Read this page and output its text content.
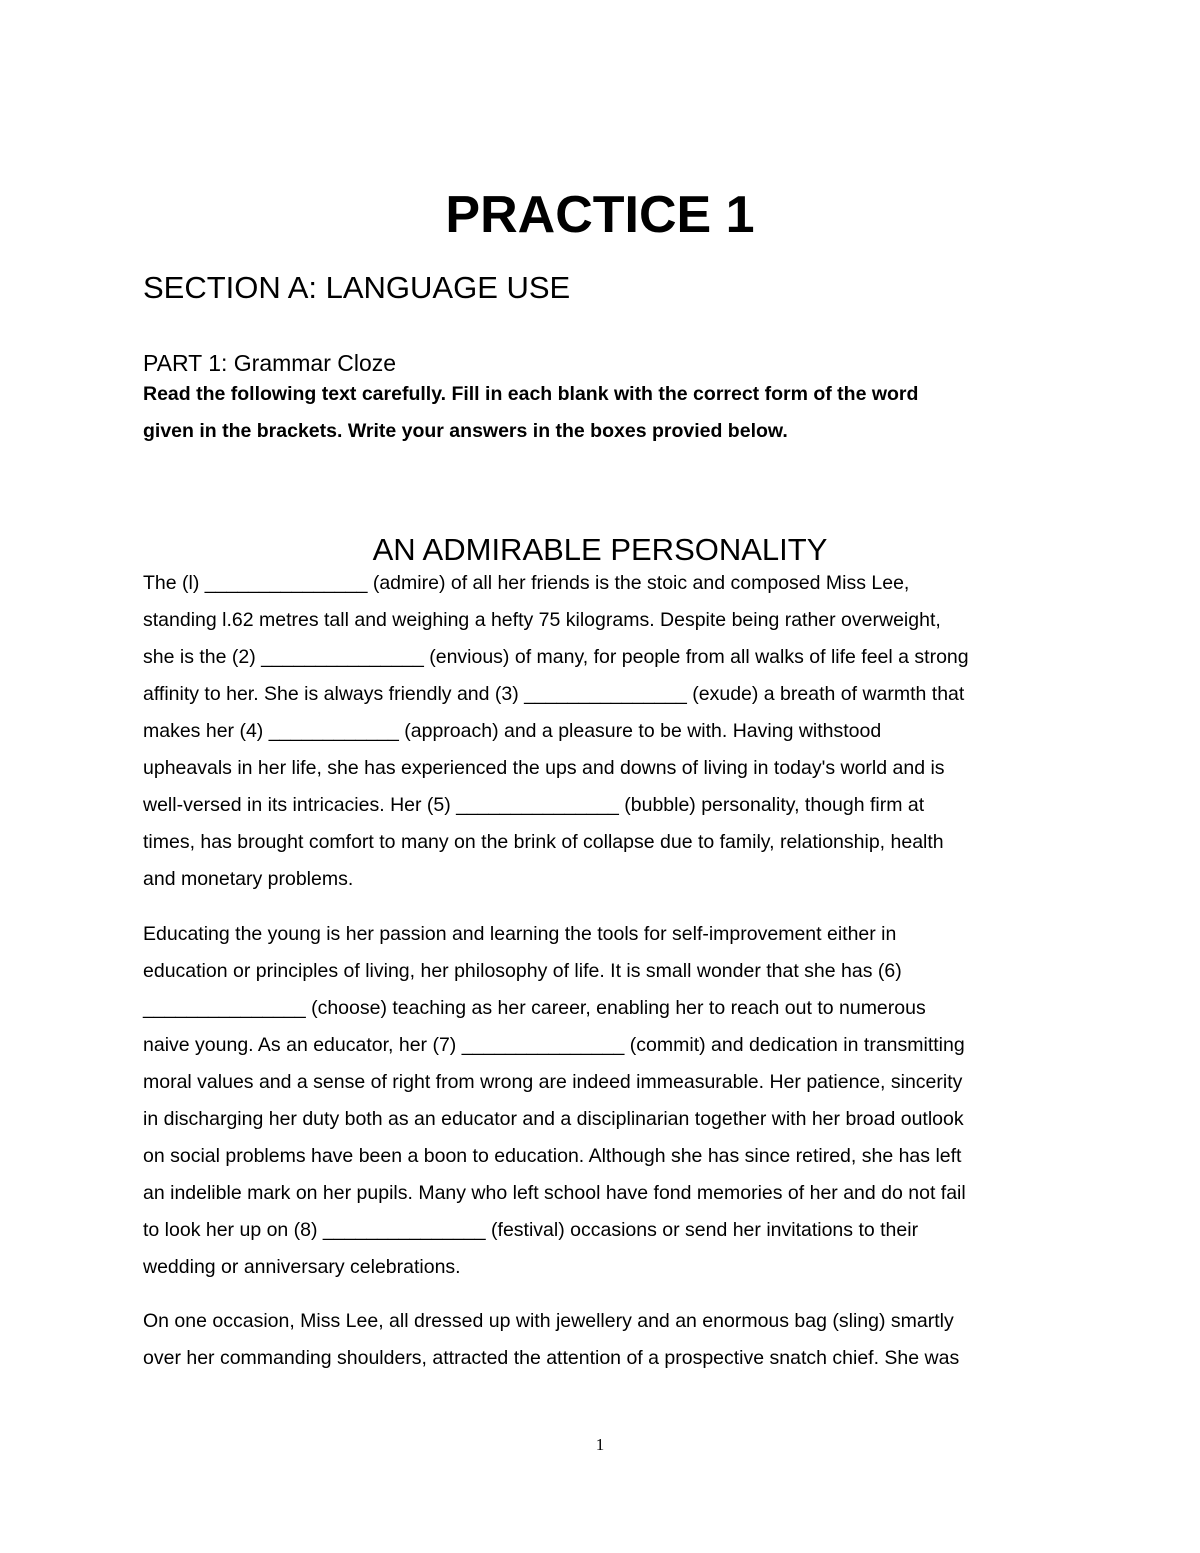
PRACTICE 1
SECTION A: LANGUAGE USE
PART 1: Grammar Cloze

Read the following text carefully. Fill in each blank with the correct form of the word
given in the brackets. Write your answers in the boxes provied below.

AN ADMIRABLE PERSONALITY
The (l) _______________ (admire) of all her friends is the stoic and composed Miss Lee,
standing l.62 metres tall and weighing a hefty 75 kilograms. Despite being rather overweight,
she is the (2) _______________ (envious) of many, for people from all walks of life feel a strong
affinity to her. She is always friendly and (3) _______________ (exude) a breath of warmth that
makes her (4) ____________ (approach) and a pleasure to be with. Having withstood
upheavals in her life, she has experienced the ups and downs of living in today's world and is
well-versed in its intricacies. Her (5) _______________ (bubble) personality, though firm at
times, has brought comfort to many on the brink of collapse due to family, relationship, health
and monetary problems.
Educating the young is her passion and learning the tools for self-improvement either in
education or principles of living, her philosophy of life. It is small wonder that she has (6)
_______________ (choose) teaching as her career, enabling her to reach out to numerous
naive young. As an educator, her (7) _______________ (commit) and dedication in transmitting
moral values and a sense of right from wrong are indeed immeasurable. Her patience, sincerity
in discharging her duty both as an educator and a disciplinarian together with her broad outlook
on social problems have been a boon to education. Although she has since retired, she has left
an indelible mark on her pupils. Many who left school have fond memories of her and do not fail
to look her up on (8) _______________ (festival) occasions or send her invitations to their
wedding or anniversary celebrations.
On one occasion, Miss Lee, all dressed up with jewellery and an enormous bag (sling) smartly
over her commanding shoulders, attracted the attention of a prospective snatch chief. She was
1
